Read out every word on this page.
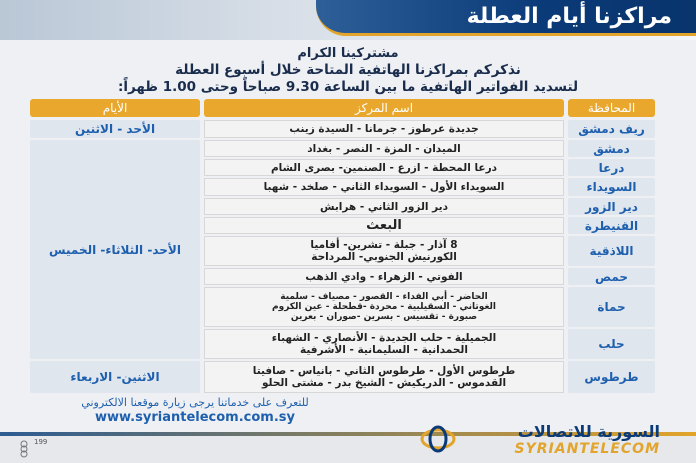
مراكزنا أيام العطلة
مشتركينا الكرام
نذكركم بمراكزنا الهاتفية المتاحة خلال أسبوع العطلة
لتسديد الفواتير الهاتفية ما بين الساعة 9.30 صباحاً وحتى 1.00 ظهراً:
المحافظة
اسم المركز
الأيام
ريف دمشق
جديدة عرطوز - جرمانا - السيدة زينب
دمشق
الميدان - المزة - النصر - بغداد
درعا
درعا المحطة - ازرع - الصنمين- بصرى الشام
السويداء
السويداء الأول - السويداء الثاني - صلخد - شهبا
دير الزور
دير الزور الثاني - هرابش
القنيطرة
البعث
اللاذقية
8 آذار - جبلة - تشرين- أفاميا
الكورنيش الجنوبي- المرداحة
حمص
الفوتي - الزهراء - وادي الذهب
حماة
الحاضر - أبي الفداء - القصور - مصياف - سلمية
الغوتاني - السقيلبية - محردة -قطحلة - عين الكروم
صبورة - تقسيس - بسرين -صوران - بعرين
حلب
الجميلية - حلب الجديدة - الأنصاري - الشهباء
الحمدانية - السليمانية - الأشرفية
طرطوس
طرطوس الأول - طرطوس الثاني - بانياس - صافيتا
القدموس - الدريكيش - الشيخ بدر - مشتى الحلو
الأحد - الاثنين
الأحد- الثلاثاء- الخميس
الاثنين- الاربعاء
للتعرف على خدماتنا يرجى زيارة موقعنا الالكتروني
www.syriantelecom.com.sy
199
السورية للاتصالات
SYRIANTELECOM
